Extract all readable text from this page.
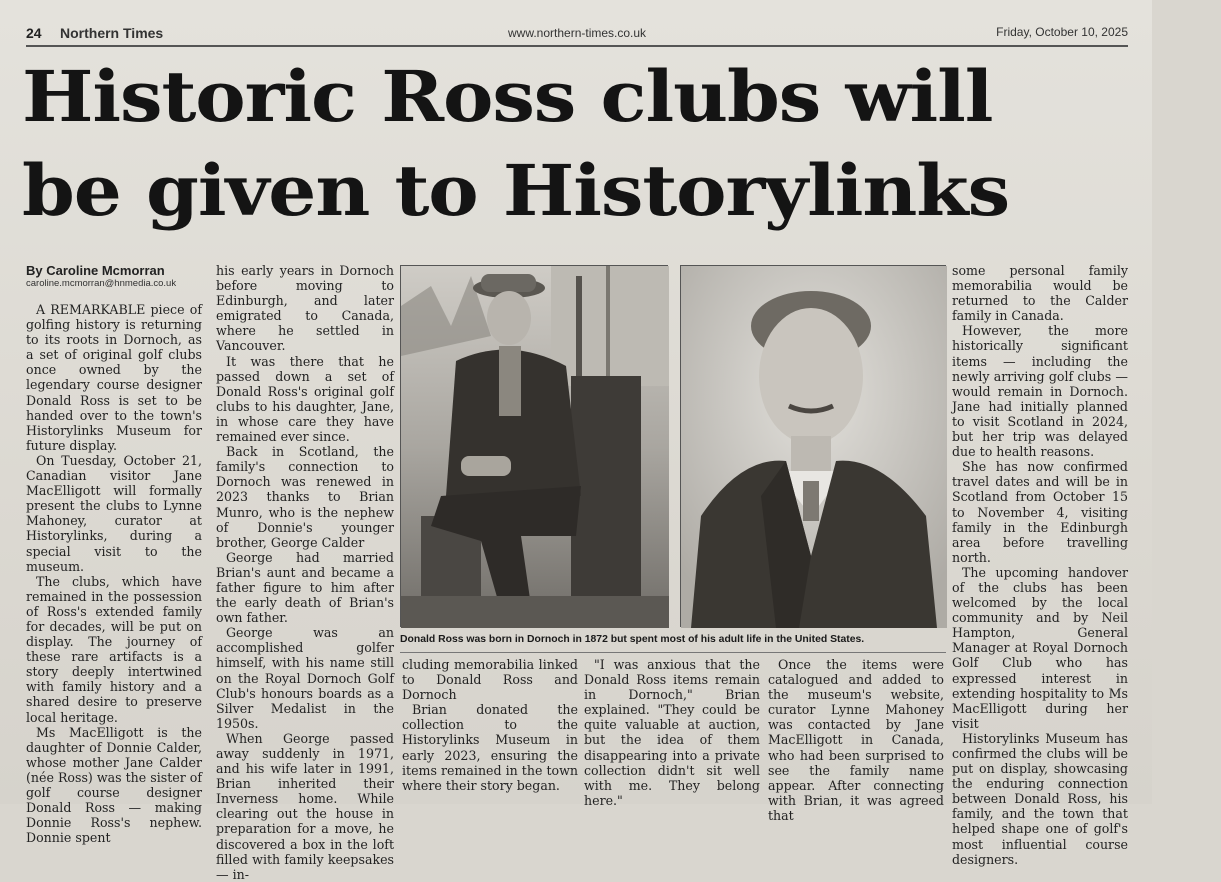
24 Northern Times	www.northern-times.co.uk	Friday, October 10, 2025
Historic Ross clubs will
be given to Historylinks
By Caroline Mcmorran
caroline.mcmorran@hnmedia.co.uk

A REMARKABLE piece of golfing history is returning to its roots in Dornoch, as a set of original golf clubs once owned by the legendary course designer Donald Ross is set to be handed over to the town's Historylinks Museum for future display.

On Tuesday, October 21, Canadian visitor Jane MacElligott will formally present the clubs to Lynne Mahoney, curator at Historylinks, during a special visit to the museum.

The clubs, which have remained in the possession of Ross's extended family for decades, will be put on display. The journey of these rare artifacts is a story deeply intertwined with family history and a shared desire to preserve local heritage.

Ms MacElligott is the daughter of Donnie Calder, whose mother Jane Calder (née Ross) was the sister of golf course designer Donald Ross — making Donnie Ross's nephew. Donnie spent

his early years in Dornoch before moving to Edinburgh, and later emigrated to Canada, where he settled in Vancouver.

It was there that he passed down a set of Donald Ross's original golf clubs to his daughter, Jane, in whose care they have remained ever since.

Back in Scotland, the family's connection to Dornoch was renewed in 2023 thanks to Brian Munro, who is the nephew of Donnie's younger brother, George Calder

George had married Brian's aunt and became a father figure to him after the early death of Brian's own father.

George was an accomplished golfer himself, with his name still on the Royal Dornoch Golf Club's honours boards as a Silver Medalist in the 1950s.

When George passed away suddenly in 1971, and his wife later in 1991, Brian inherited their Inverness home. While clearing out the house in preparation for a move, he discovered a box in the loft filled with family keepsakes — in-

Donald Ross was born in Dornoch in 1872 but spent most of his adult life in the United States.

cluding memorabilia linked to Donald Ross and Dornoch

Brian donated the collection to the Historylinks Museum in early 2023, ensuring the items remained in the town where their story began.

"I was anxious that the Donald Ross items remain in Dornoch," Brian explained. "They could be quite valuable at auction, but the idea of them disappearing into a private collection didn't sit well with me. They belong here."

Once the items were catalogued and added to the museum's website, curator Lynne Mahoney was contacted by Jane MacElligott in Canada, who had been surprised to see the family name appear. After connecting with Brian, it was agreed that

some personal family memorabilia would be returned to the Calder family in Canada.

However, the more historically significant items — including the newly arriving golf clubs — would remain in Dornoch. Jane had initially planned to visit Scotland in 2024, but her trip was delayed due to health reasons.

She has now confirmed travel dates and will be in Scotland from October 15 to November 4, visiting family in the Edinburgh area before travelling north.

The upcoming handover of the clubs has been welcomed by the local community and by Neil Hampton, General Manager at Royal Dornoch Golf Club who has expressed interest in extending hospitality to Ms MacElligott during her visit

Historylinks Museum has confirmed the clubs will be put on display, showcasing the enduring connection between Donald Ross, his family, and the town that helped shape one of golf's most influential course designers.
